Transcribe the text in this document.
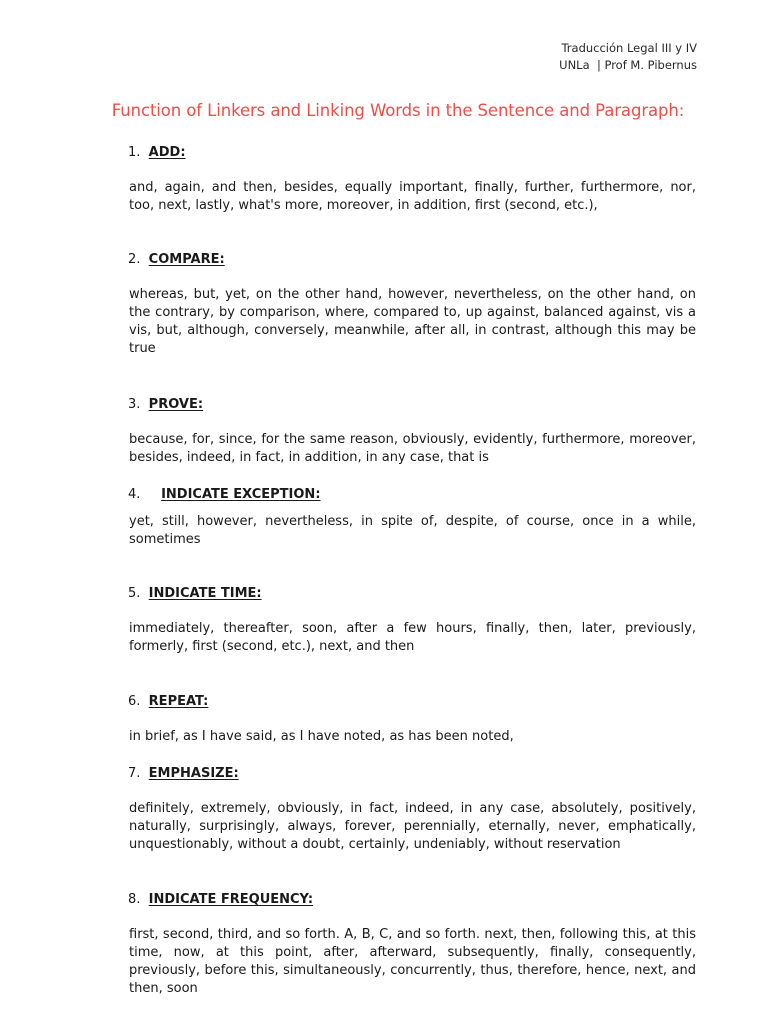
Traducción Legal III y IV
UNLa  | Prof M. Pibernus
Function of Linkers and Linking Words in the Sentence and Paragraph:
1. ADD:
and, again, and then, besides, equally important, finally, further, furthermore, nor, too, next, lastly, what's more, moreover, in addition, first (second, etc.),
2. COMPARE:
whereas, but, yet, on the other hand, however, nevertheless, on the other hand, on the contrary, by comparison, where, compared to, up against, balanced against, vis a vis, but, although, conversely, meanwhile, after all, in contrast, although this may be true
3. PROVE:
because, for, since, for the same reason, obviously, evidently, furthermore, moreover, besides, indeed, in fact, in addition, in any case, that is
4. INDICATE EXCEPTION:
yet, still, however, nevertheless, in spite of, despite, of course, once in a while, sometimes
5. INDICATE TIME:
immediately, thereafter, soon, after a few hours, finally, then, later, previously, formerly, first (second, etc.), next, and then
6. REPEAT:
in brief, as I have said, as I have noted, as has been noted,
7. EMPHASIZE:
definitely, extremely, obviously, in fact, indeed, in any case, absolutely, positively, naturally, surprisingly, always, forever, perennially, eternally, never, emphatically, unquestionably, without a doubt, certainly, undeniably, without reservation
8. INDICATE FREQUENCY:
first, second, third, and so forth. A, B, C, and so forth. next, then, following this, at this time, now, at this point, after, afterward, subsequently, finally, consequently, previously, before this, simultaneously, concurrently, thus, therefore, hence, next, and then, soon
